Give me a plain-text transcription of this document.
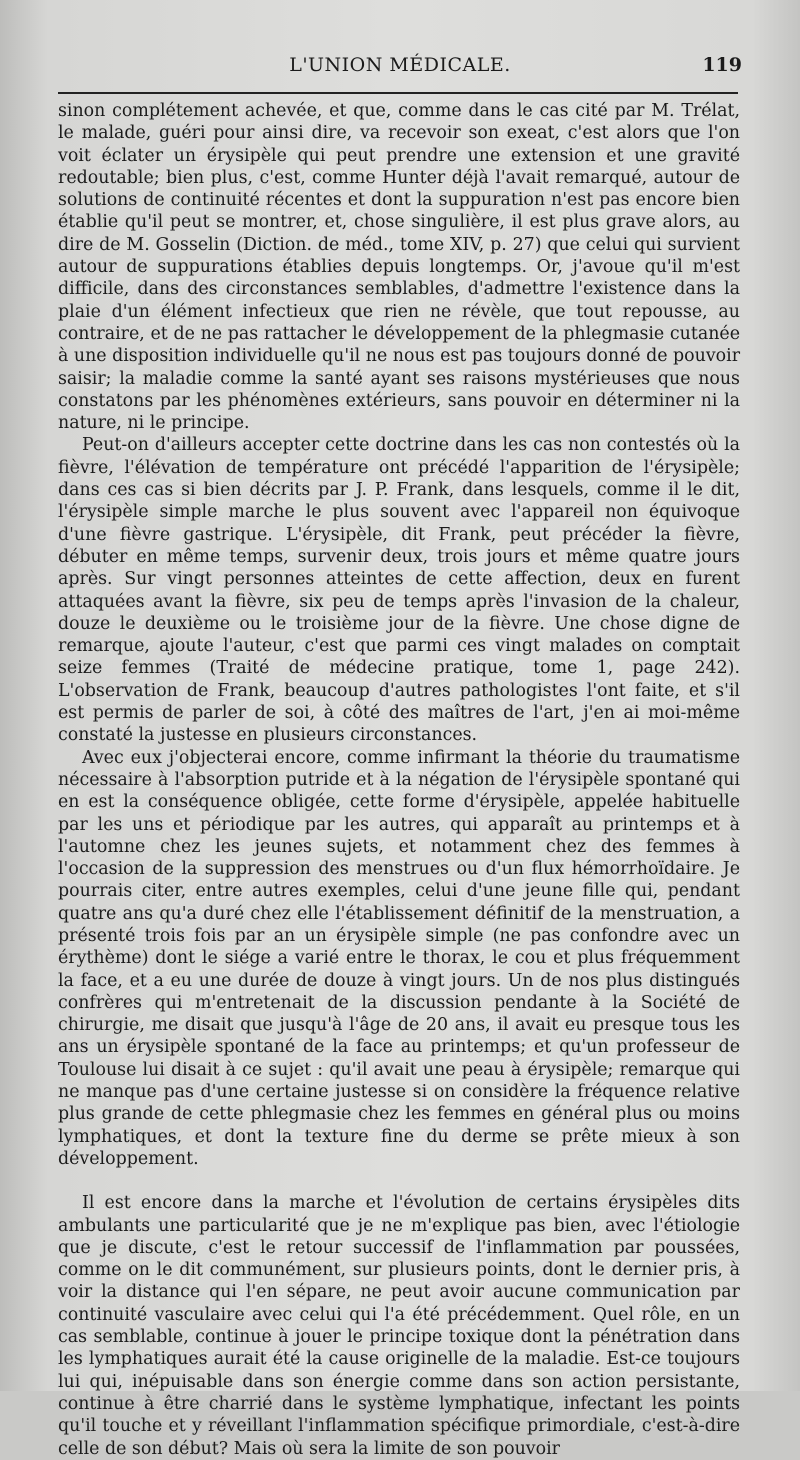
L'UNION MÉDICALE.	119

sinon complétement achevée, et que, comme dans le cas cité par M. Trélat, le malade, guéri pour ainsi dire, va recevoir son exeat, c'est alors que l'on voit éclater un érysipèle qui peut prendre une extension et une gravité redoutable; bien plus, c'est, comme Hunter déjà l'avait remarqué, autour de solutions de continuité récentes et dont la suppuration n'est pas encore bien établie qu'il peut se montrer, et, chose singulière, il est plus grave alors, au dire de M. Gosselin (Diction. de méd., tome XIV, p. 27) que celui qui survient autour de suppurations établies depuis longtemps. Or, j'avoue qu'il m'est difficile, dans des circonstances semblables, d'admettre l'existence dans la plaie d'un élément infectieux que rien ne révèle, que tout repousse, au contraire, et de ne pas rattacher le développement de la phlegmasie cutanée à une disposition individuelle qu'il ne nous est pas toujours donné de pouvoir saisir; la maladie comme la santé ayant ses raisons mystérieuses que nous constatons par les phénomènes extérieurs, sans pouvoir en déterminer ni la nature, ni le principe.

Peut-on d'ailleurs accepter cette doctrine dans les cas non contestés où la fièvre, l'élévation de température ont précédé l'apparition de l'érysipèle; dans ces cas si bien décrits par J. P. Frank, dans lesquels, comme il le dit, l'érysipèle simple marche le plus souvent avec l'appareil non équivoque d'une fièvre gastrique. L'érysipèle, dit Frank, peut précéder la fièvre, débuter en même temps, survenir deux, trois jours et même quatre jours après. Sur vingt personnes atteintes de cette affection, deux en furent attaquées avant la fièvre, six peu de temps après l'invasion de la chaleur, douze le deuxième ou le troisième jour de la fièvre. Une chose digne de remarque, ajoute l'auteur, c'est que parmi ces vingt malades on comptait seize femmes (Traité de médecine pratique, tome 1, page 242). L'observation de Frank, beaucoup d'autres pathologistes l'ont faite, et s'il est permis de parler de soi, à côté des maîtres de l'art, j'en ai moi-même constaté la justesse en plusieurs circonstances.

Avec eux j'objecterai encore, comme infirmant la théorie du traumatisme nécessaire à l'absorption putride et à la négation de l'érysipèle spontané qui en est la conséquence obligée, cette forme d'érysipèle, appelée habituelle par les uns et périodique par les autres, qui apparaît au printemps et à l'automne chez les jeunes sujets, et notamment chez des femmes à l'occasion de la suppression des menstrues ou d'un flux hémorrhoïdaire. Je pourrais citer, entre autres exemples, celui d'une jeune fille qui, pendant quatre ans qu'a duré chez elle l'établissement définitif de la menstruation, a présenté trois fois par an un érysipèle simple (ne pas confondre avec un érythème) dont le siége a varié entre le thorax, le cou et plus fréquemment la face, et a eu une durée de douze à vingt jours. Un de nos plus distingués confrères qui m'entretenait de la discussion pendante à la Société de chirurgie, me disait que jusqu'à l'âge de 20 ans, il avait eu presque tous les ans un érysipèle spontané de la face au printemps; et qu'un professeur de Toulouse lui disait à ce sujet : qu'il avait une peau à érysipèle; remarque qui ne manque pas d'une certaine justesse si on considère la fréquence relative plus grande de cette phlegmasie chez les femmes en général plus ou moins lymphatiques, et dont la texture fine du derme se prête mieux à son développement.

Il est encore dans la marche et l'évolution de certains érysipèles dits ambulants une particularité que je ne m'explique pas bien, avec l'étiologie que je discute, c'est le retour successif de l'inflammation par poussées, comme on le dit communément, sur plusieurs points, dont le dernier pris, à voir la distance qui l'en sépare, ne peut avoir aucune communication par continuité vasculaire avec celui qui l'a été précédemment. Quel rôle, en un cas semblable, continue à jouer le principe toxique dont la pénétration dans les lymphatiques aurait été la cause originelle de la maladie. Est-ce toujours lui qui, inépuisable dans son énergie comme dans son action persistante, continue à être charrié dans le système lymphatique, infectant les points qu'il touche et y réveillant l'inflammation spécifique primordiale, c'est-à-dire celle de son début? Mais où sera la limite de son pouvoir
